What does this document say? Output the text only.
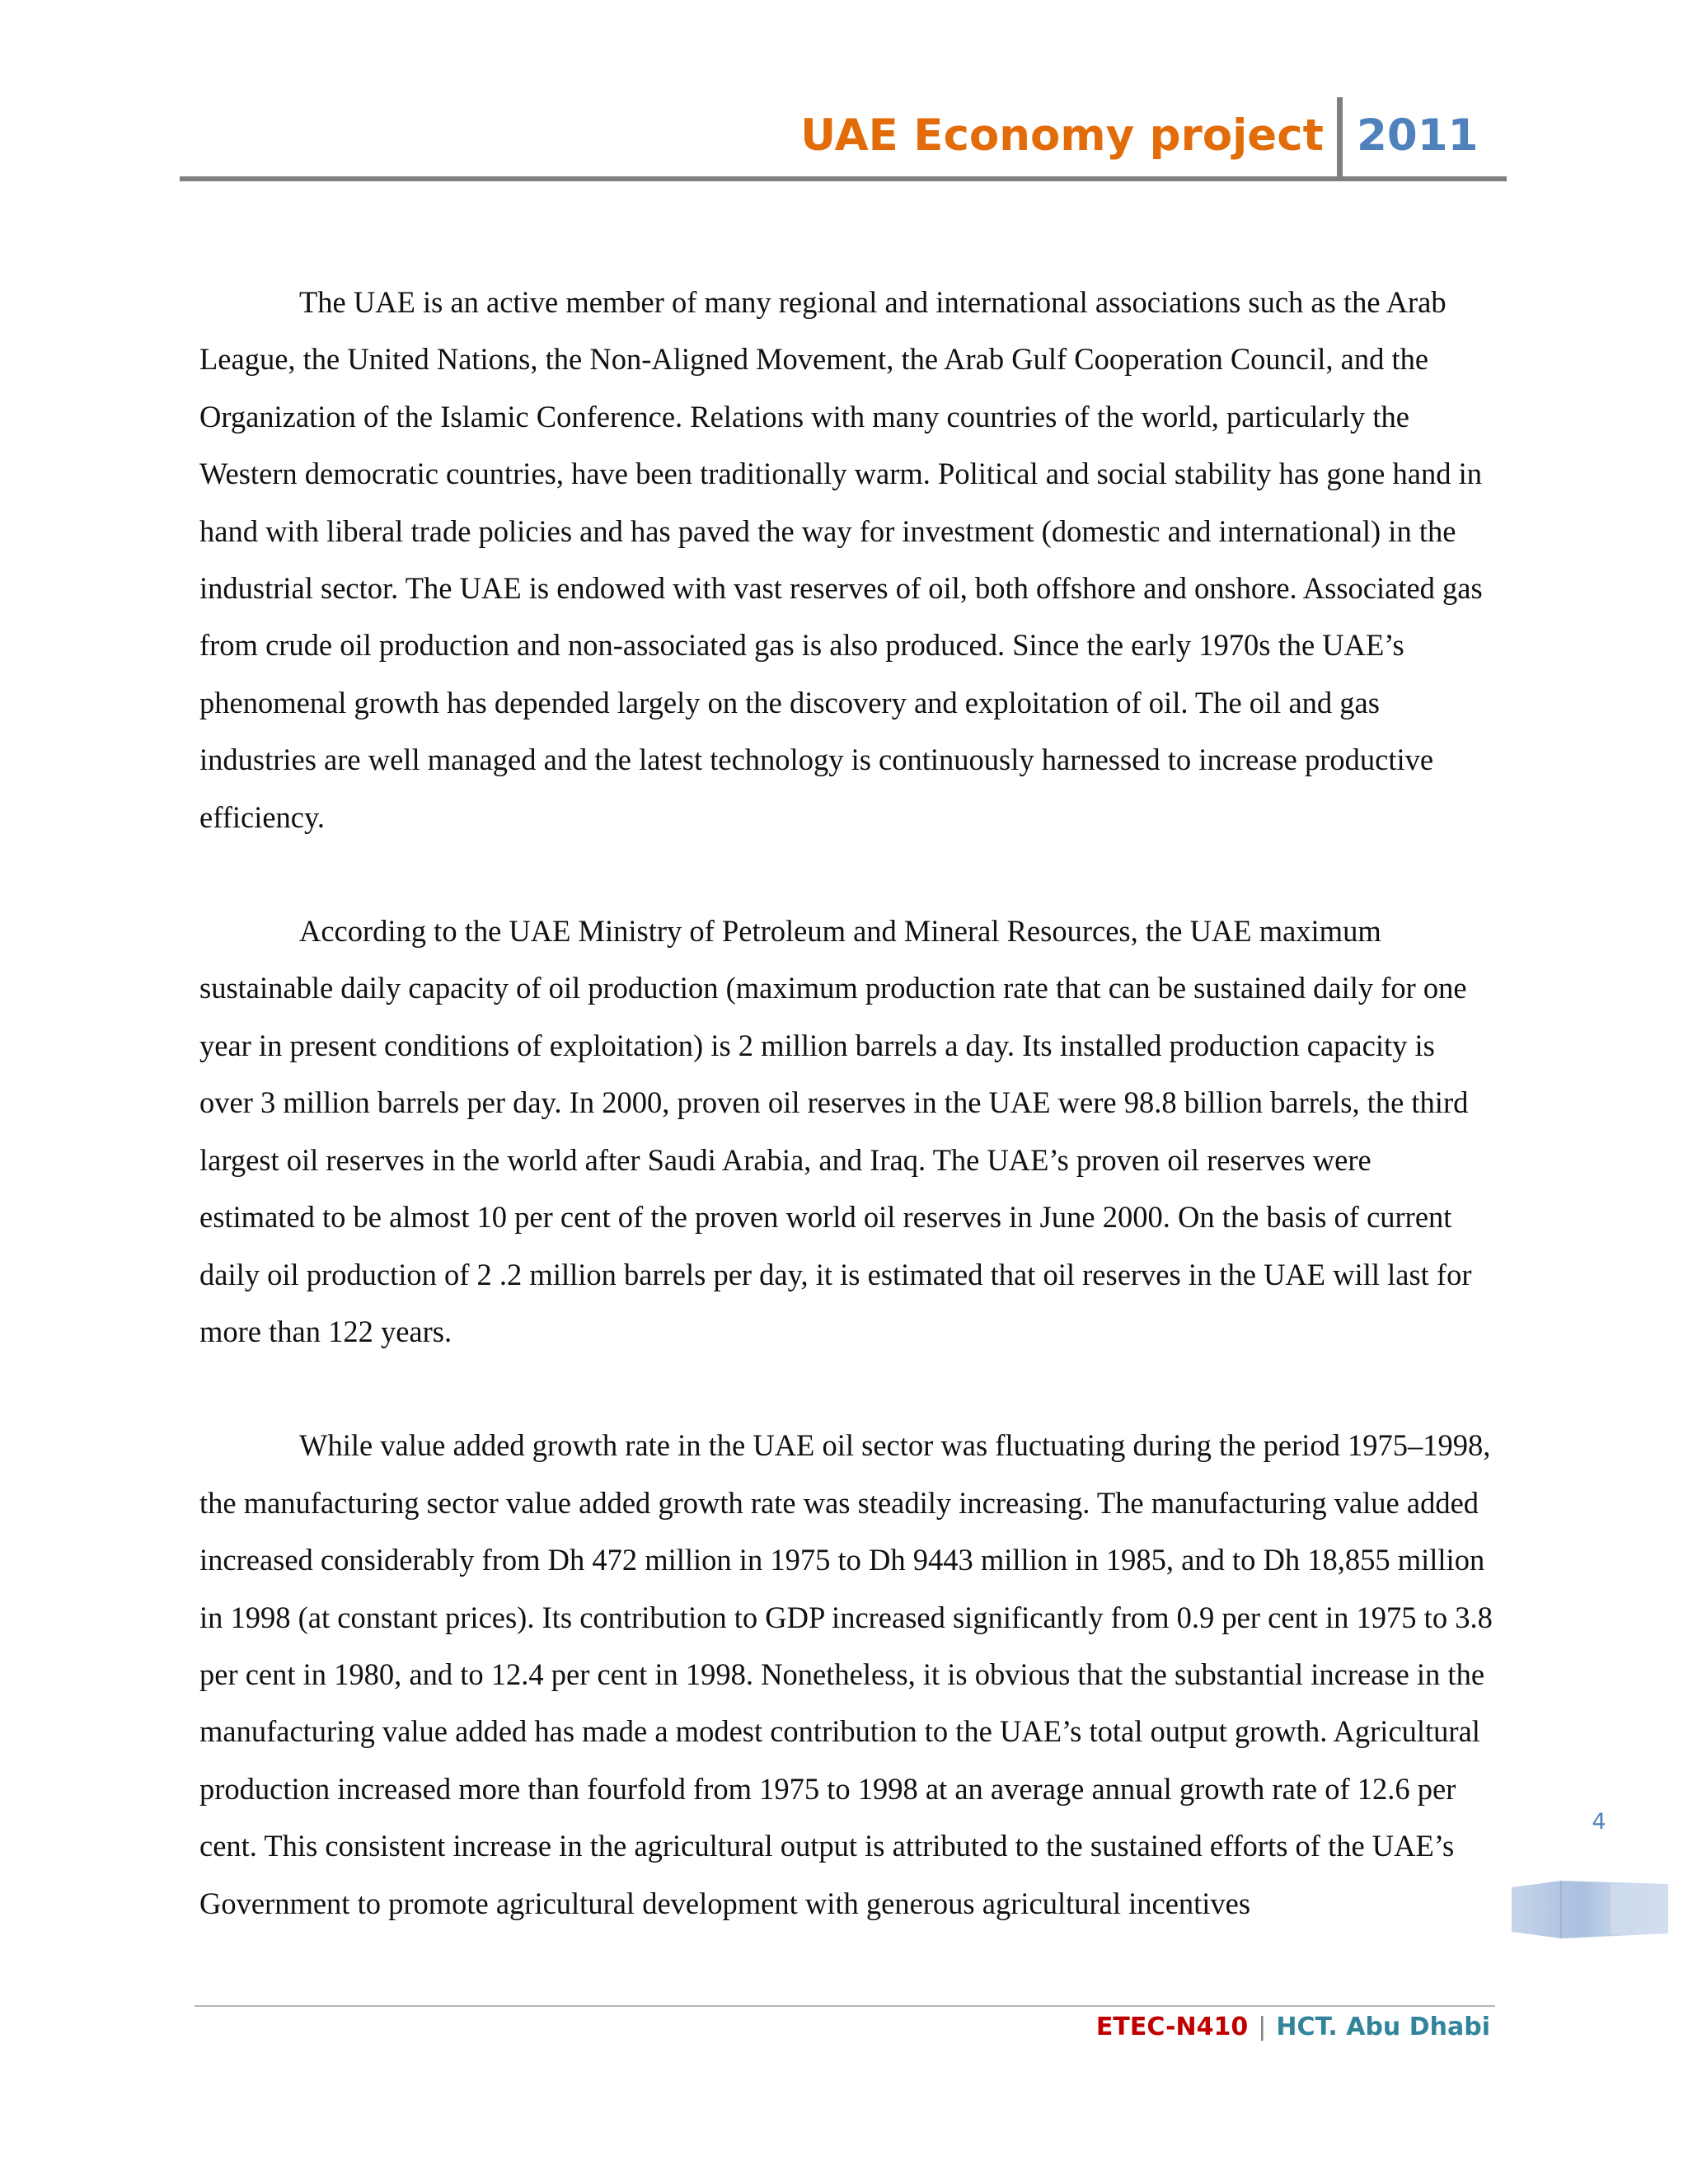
UAE Economy project 2011

The UAE is an active member of many regional and international associations such as the Arab League, the United Nations, the Non-Aligned Movement, the Arab Gulf Cooperation Council, and the Organization of the Islamic Conference. Relations with many countries of the world, particularly the Western democratic countries, have been traditionally warm. Political and social stability has gone hand in hand with liberal trade policies and has paved the way for investment (domestic and international) in the industrial sector. The UAE is endowed with vast reserves of oil, both offshore and onshore. Associated gas from crude oil production and non-associated gas is also produced. Since the early 1970s the UAE’s phenomenal growth has depended largely on the discovery and exploitation of oil. The oil and gas industries are well managed and the latest technology is continuously harnessed to increase productive efficiency.

According to the UAE Ministry of Petroleum and Mineral Resources, the UAE maximum sustainable daily capacity of oil production (maximum production rate that can be sustained daily for one year in present conditions of exploitation) is 2 million barrels a day. Its installed production capacity is over 3 million barrels per day. In 2000, proven oil reserves in the UAE were 98.8 billion barrels, the third largest oil reserves in the world after Saudi Arabia, and Iraq. The UAE’s proven oil reserves were estimated to be almost 10 per cent of the proven world oil reserves in June 2000. On the basis of current daily oil production of 2 .2 million barrels per day, it is estimated that oil reserves in the UAE will last for more than 122 years.

While value added growth rate in the UAE oil sector was fluctuating during the period 1975–1998, the manufacturing sector value added growth rate was steadily increasing. The manufacturing value added increased considerably from Dh 472 million in 1975 to Dh 9443 million in 1985, and to Dh 18,855 million in 1998 (at constant prices). Its contribution to GDP increased significantly from 0.9 per cent in 1975 to 3.8 per cent in 1980, and to 12.4 per cent in 1998. Nonetheless, it is obvious that the substantial increase in the manufacturing value added has made a modest contribution to the UAE’s total output growth. Agricultural production increased more than fourfold from 1975 to 1998 at an average annual growth rate of 12.6 per cent. This consistent increase in the agricultural output is attributed to the sustained efforts of the UAE’s Government to promote agricultural development with generous agricultural incentives

4
ETEC-N410 | HCT. Abu Dhabi
